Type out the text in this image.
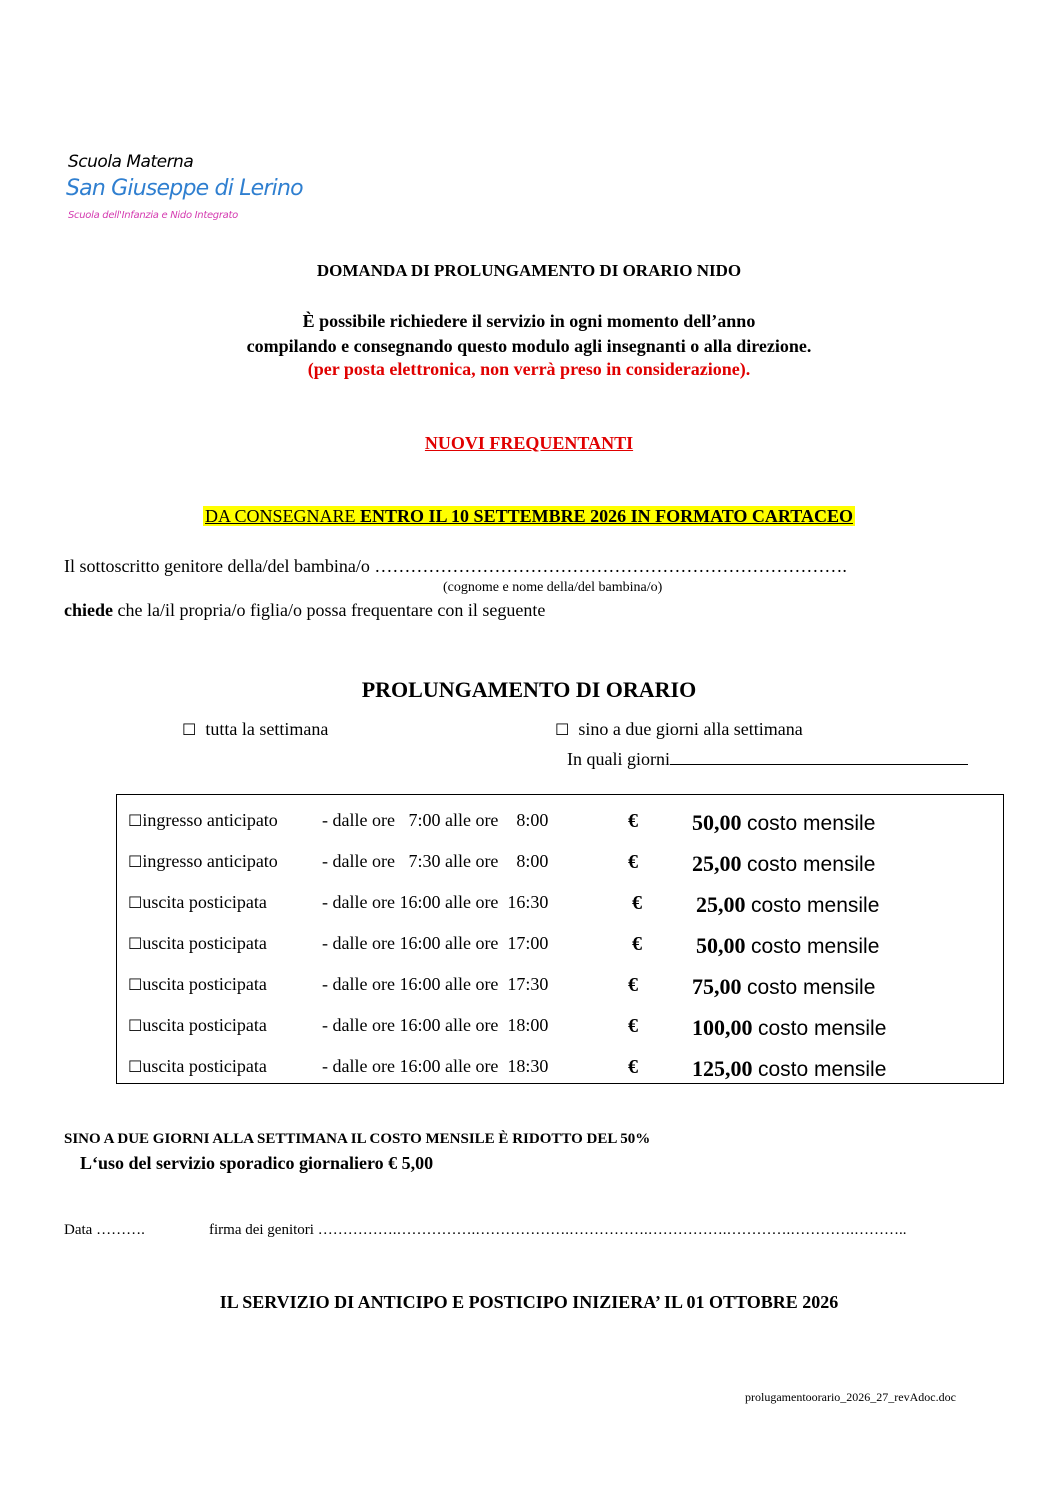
Scuola Materna
San Giuseppe di Lerino
Scuola dell'Infanzia e Nido Integrato
DOMANDA DI PROLUNGAMENTO DI ORARIO NIDO
È possibile richiedere il servizio in ogni momento dell’anno
compilando e consegnando questo modulo agli insegnanti o alla direzione.
(per posta elettronica, non verrà preso in considerazione).
NUOVI FREQUENTANTI
DA CONSEGNARE ENTRO IL 10 SETTEMBRE 2026 IN FORMATO CARTACEO
Il sottoscritto genitore della/del bambina/o …………………………………………………………………….
(cognome e nome della/del bambina/o)
chiede che la/il propria/o figlia/o possa frequentare con il seguente
PROLUNGAMENTO DI ORARIO
☐ tutta la settimana	☐ sino a due giorni alla settimana
In quali giorni
☐ingresso anticipato - dalle ore   7:00 alle ore    8:00	€ 50,00 costo mensile
☐ingresso anticipato - dalle ore   7:30 alle ore    8:00	€ 25,00 costo mensile
☐uscita posticipata	- dalle ore 16:00 alle ore  16:30	€ 25,00 costo mensile
☐uscita posticipata	- dalle ore 16:00 alle ore  17:00	€ 50,00 costo mensile
☐uscita posticipata	- dalle ore 16:00 alle ore  17:30	€ 75,00 costo mensile
☐uscita posticipata	- dalle ore 16:00 alle ore  18:00	€ 100,00 costo mensile
☐uscita posticipata	- dalle ore 16:00 alle ore  18:30	€ 125,00 costo mensile
SINO A DUE GIORNI ALLA SETTIMANA IL COSTO MENSILE È RIDOTTO DEL 50%
L‘uso del servizio sporadico giornaliero € 5,00
Data ……….	firma dei genitori …………….…………….……………….…………….…………….………….………….………..
IL SERVIZIO DI ANTICIPO E POSTICIPO INIZIERA’ IL 01 OTTOBRE 2026
prolugamentoorario_2026_27_revAdoc.doc
